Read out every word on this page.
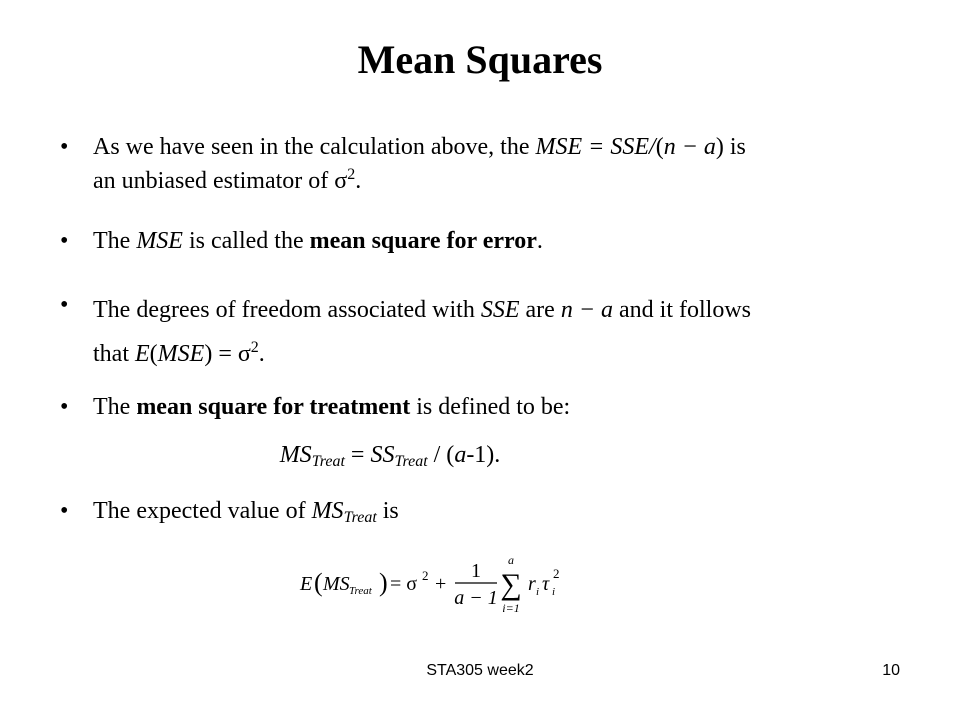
Mean Squares
• As we have seen in the calculation above, the MSE = SSE/(n − a) is
an unbiased estimator of $\sigma^2$.
• The MSE is called the mean square for error.
• The degrees of freedom associated with SSE are n − a and it follows
that $E(MSE) = \sigma^2$.
• The mean square for treatment is defined to be:
$MS_{Treat} = SS_{Treat} / (a-1)$.
• The expected value of $MS_{Treat}$ is
E ( MS Treat ) = σ 2 +
1
a − 1
a
∑
i=1
r i τ i
2
STA305 week2	10
